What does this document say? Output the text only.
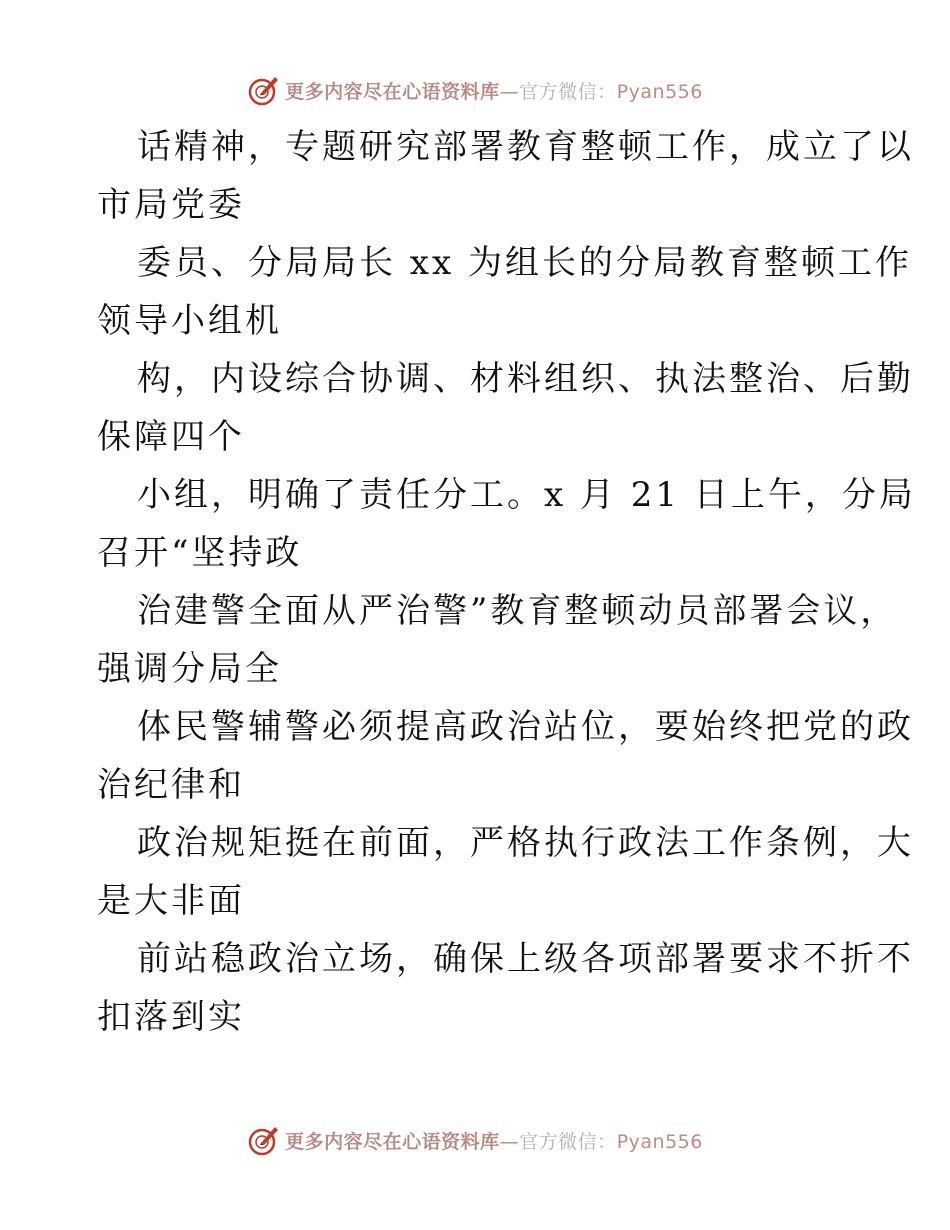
更多内容尽在心语资料库—官方微信：Pyan556

话精神，专题研究部署教育整顿工作，成立了以
市局党委

委员、分局局长 xx 为组长的分局教育整顿工作
领导小组机

构，内设综合协调、材料组织、执法整治、后勤
保障四个

小组，明确了责任分工。x 月 21 日上午，分局
召开“坚持政

治建警全面从严治警”教育整顿动员部署会议，
强调分局全

体民警辅警必须提高政治站位，要始终把党的政
治纪律和

政治规矩挺在前面，严格执行政法工作条例，大
是大非面

前站稳政治立场，确保上级各项部署要求不折不
扣落到实

更多内容尽在心语资料库—官方微信：Pyan556
